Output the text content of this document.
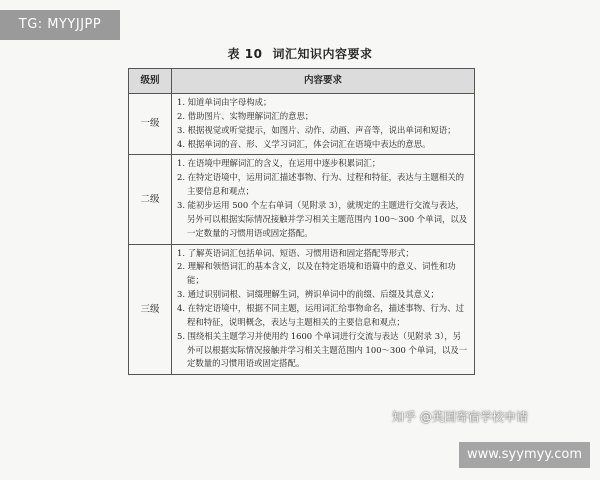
TG: MYYJJPP
表 10 词汇知识内容要求
级别	内容要求
一级	1. 知道单词由字母构成；
2. 借助图片、实物理解词汇的意思；
3. 根据视觉或听觉提示，如图片、动作、动画、声音等，说出单词和短语；
4. 根据单词的音、形、义学习词汇，体会词汇在语境中表达的意思。

二级	1. 在语境中理解词汇的含义，在运用中逐步积累词汇；
2. 在特定语境中，运用词汇描述事物、行为、过程和特征，表达与主题相关的主要信息和观点；
3. 能初步运用 500 个左右单词（见附录 3），就规定的主题进行交流与表达，另外可以根据实际情况接触并学习相关主题范围内 100～300 个单词，以及一定数量的习惯用语或固定搭配。

三级	1. 了解英语词汇包括单词、短语、习惯用语和固定搭配等形式；
2. 理解和领悟词汇的基本含义，以及在特定语境和语篇中的意义、词性和功能；
3. 通过识别词根、词缀理解生词，辨识单词中的前缀、后缀及其意义；
4. 在特定语境中，根据不同主题，运用词汇给事物命名，描述事物、行为、过程和特征，说明概念，表达与主题相关的主要信息和观点；
5. 围绕相关主题学习并使用约 1600 个单词进行交流与表达（见附录 3），另外可以根据实际情况接触并学习相关主题范围内 100～300 个单词，以及一定数量的习惯用语或固定搭配。
知乎 @英国寄宿学校申请
www.syymyy.com
